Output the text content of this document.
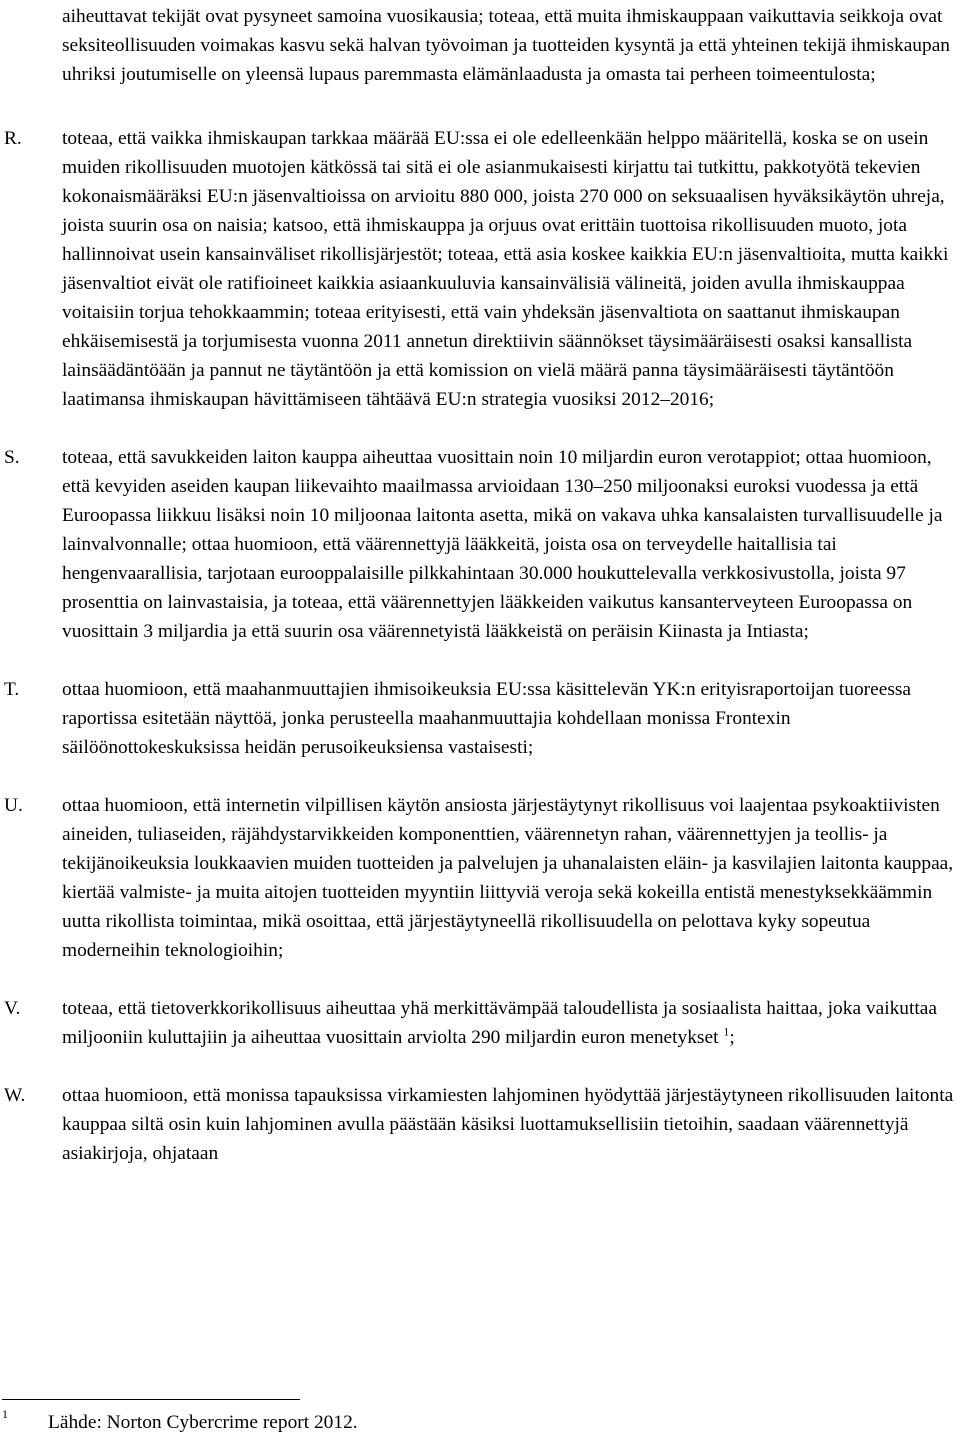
aiheuttavat tekijät ovat pysyneet samoina vuosikausia; toteaa, että muita ihmiskauppaan vaikuttavia seikkoja ovat seksiteollisuuden voimakas kasvu sekä halvan työvoiman ja tuotteiden kysyntä ja että yhteinen tekijä ihmiskaupan uhriksi joutumiselle on yleensä lupaus paremmasta elämänlaadusta ja omasta tai perheen toimeentulosta;

R. toteaa, että vaikka ihmiskaupan tarkkaa määrää EU:ssa ei ole edelleenkään helppo määritellä, koska se on usein muiden rikollisuuden muotojen kätkössä tai sitä ei ole asianmukaisesti kirjattu tai tutkittu, pakkotyötä tekevien kokonaismääräksi EU:n jäsenvaltioissa on arvioitu 880 000, joista 270 000 on seksuaalisen hyväksikäytön uhreja, joista suurin osa on naisia; katsoo, että ihmiskauppa ja orjuus ovat erittäin tuottoisa rikollisuuden muoto, jota hallinnoivat usein kansainväliset rikollisjärjestöt; toteaa, että asia koskee kaikkia EU:n jäsenvaltioita, mutta kaikki jäsenvaltiot eivät ole ratifioineet kaikkia asiaankuuluvia kansainvälisiä välineitä, joiden avulla ihmiskauppaa voitaisiin torjua tehokkaammin; toteaa erityisesti, että vain yhdeksän jäsenvaltiota on saattanut ihmiskaupan ehkäisemisestä ja torjumisesta vuonna 2011 annetun direktiivin säännökset täysimääräisesti osaksi kansallista lainsäädäntöään ja pannut ne täytäntöön ja että komission on vielä määrä panna täysimääräisesti täytäntöön laatimansa ihmiskaupan hävittämiseen tähtäävä EU:n strategia vuosiksi 2012–2016;

S. toteaa, että savukkeiden laiton kauppa aiheuttaa vuosittain noin 10 miljardin euron verotappiot; ottaa huomioon, että kevyiden aseiden kaupan liikevaihto maailmassa arvioidaan 130–250 miljoonaksi euroksi vuodessa ja että Euroopassa liikkuu lisäksi noin 10 miljoonaa laitonta asetta, mikä on vakava uhka kansalaisten turvallisuudelle ja lainvalvonnalle; ottaa huomioon, että väärennettyjä lääkkeitä, joista osa on terveydelle haitallisia tai hengenvaarallisia, tarjotaan eurooppalaisille pilkkahintaan 30.000 houkuttelevalla verkkosivustolla, joista 97 prosenttia on lainvastaisia, ja toteaa, että väärennettyjen lääkkeiden vaikutus kansanterveyteen Euroopassa on vuosittain 3 miljardia ja että suurin osa väärennetyistä lääkkeistä on peräisin Kiinasta ja Intiasta;

T. ottaa huomioon, että maahanmuuttajien ihmisoikeuksia EU:ssa käsittelevän YK:n erityisraportoijan tuoreessa raportissa esitetään näyttöä, jonka perusteella maahanmuuttajia kohdellaan monissa Frontexin säilöönottokeskuksissa heidän perusoikeuksiensa vastaisesti;

U. ottaa huomioon, että internetin vilpillisen käytön ansiosta järjestäytynyt rikollisuus voi laajentaa psykoaktiivisten aineiden, tuliaseiden, räjähdystarvikkeiden komponenttien, väärennetyn rahan, väärennettyjen ja teollis- ja tekijänoikeuksia loukkaavien muiden tuotteiden ja palvelujen ja uhanalaisten eläin- ja kasvilajien laitonta kauppaa, kiertää valmiste- ja muita aitojen tuotteiden myyntiin liittyviä veroja sekä kokeilla entistä menestyksekkäämmin uutta rikollista toimintaa, mikä osoittaa, että järjestäytyneellä rikollisuudella on pelottava kyky sopeutua moderneihin teknologioihin;

V. toteaa, että tietoverkkorikollisuus aiheuttaa yhä merkittävämpää taloudellista ja sosiaalista haittaa, joka vaikuttaa miljooniin kuluttajiin ja aiheuttaa vuosittain arviolta 290 miljardin euron menetykset $^1$;

W. ottaa huomioon, että monissa tapauksissa virkamiesten lahjominen hyödyttää järjestäytyneen rikollisuuden laitonta kauppaa siltä osin kuin lahjominen avulla päästään käsiksi luottamuksellisiin tietoihin, saadaan väärennettyjä asiakirjoja, ohjataan

1 Lähde: Norton Cybercrime report 2012.
